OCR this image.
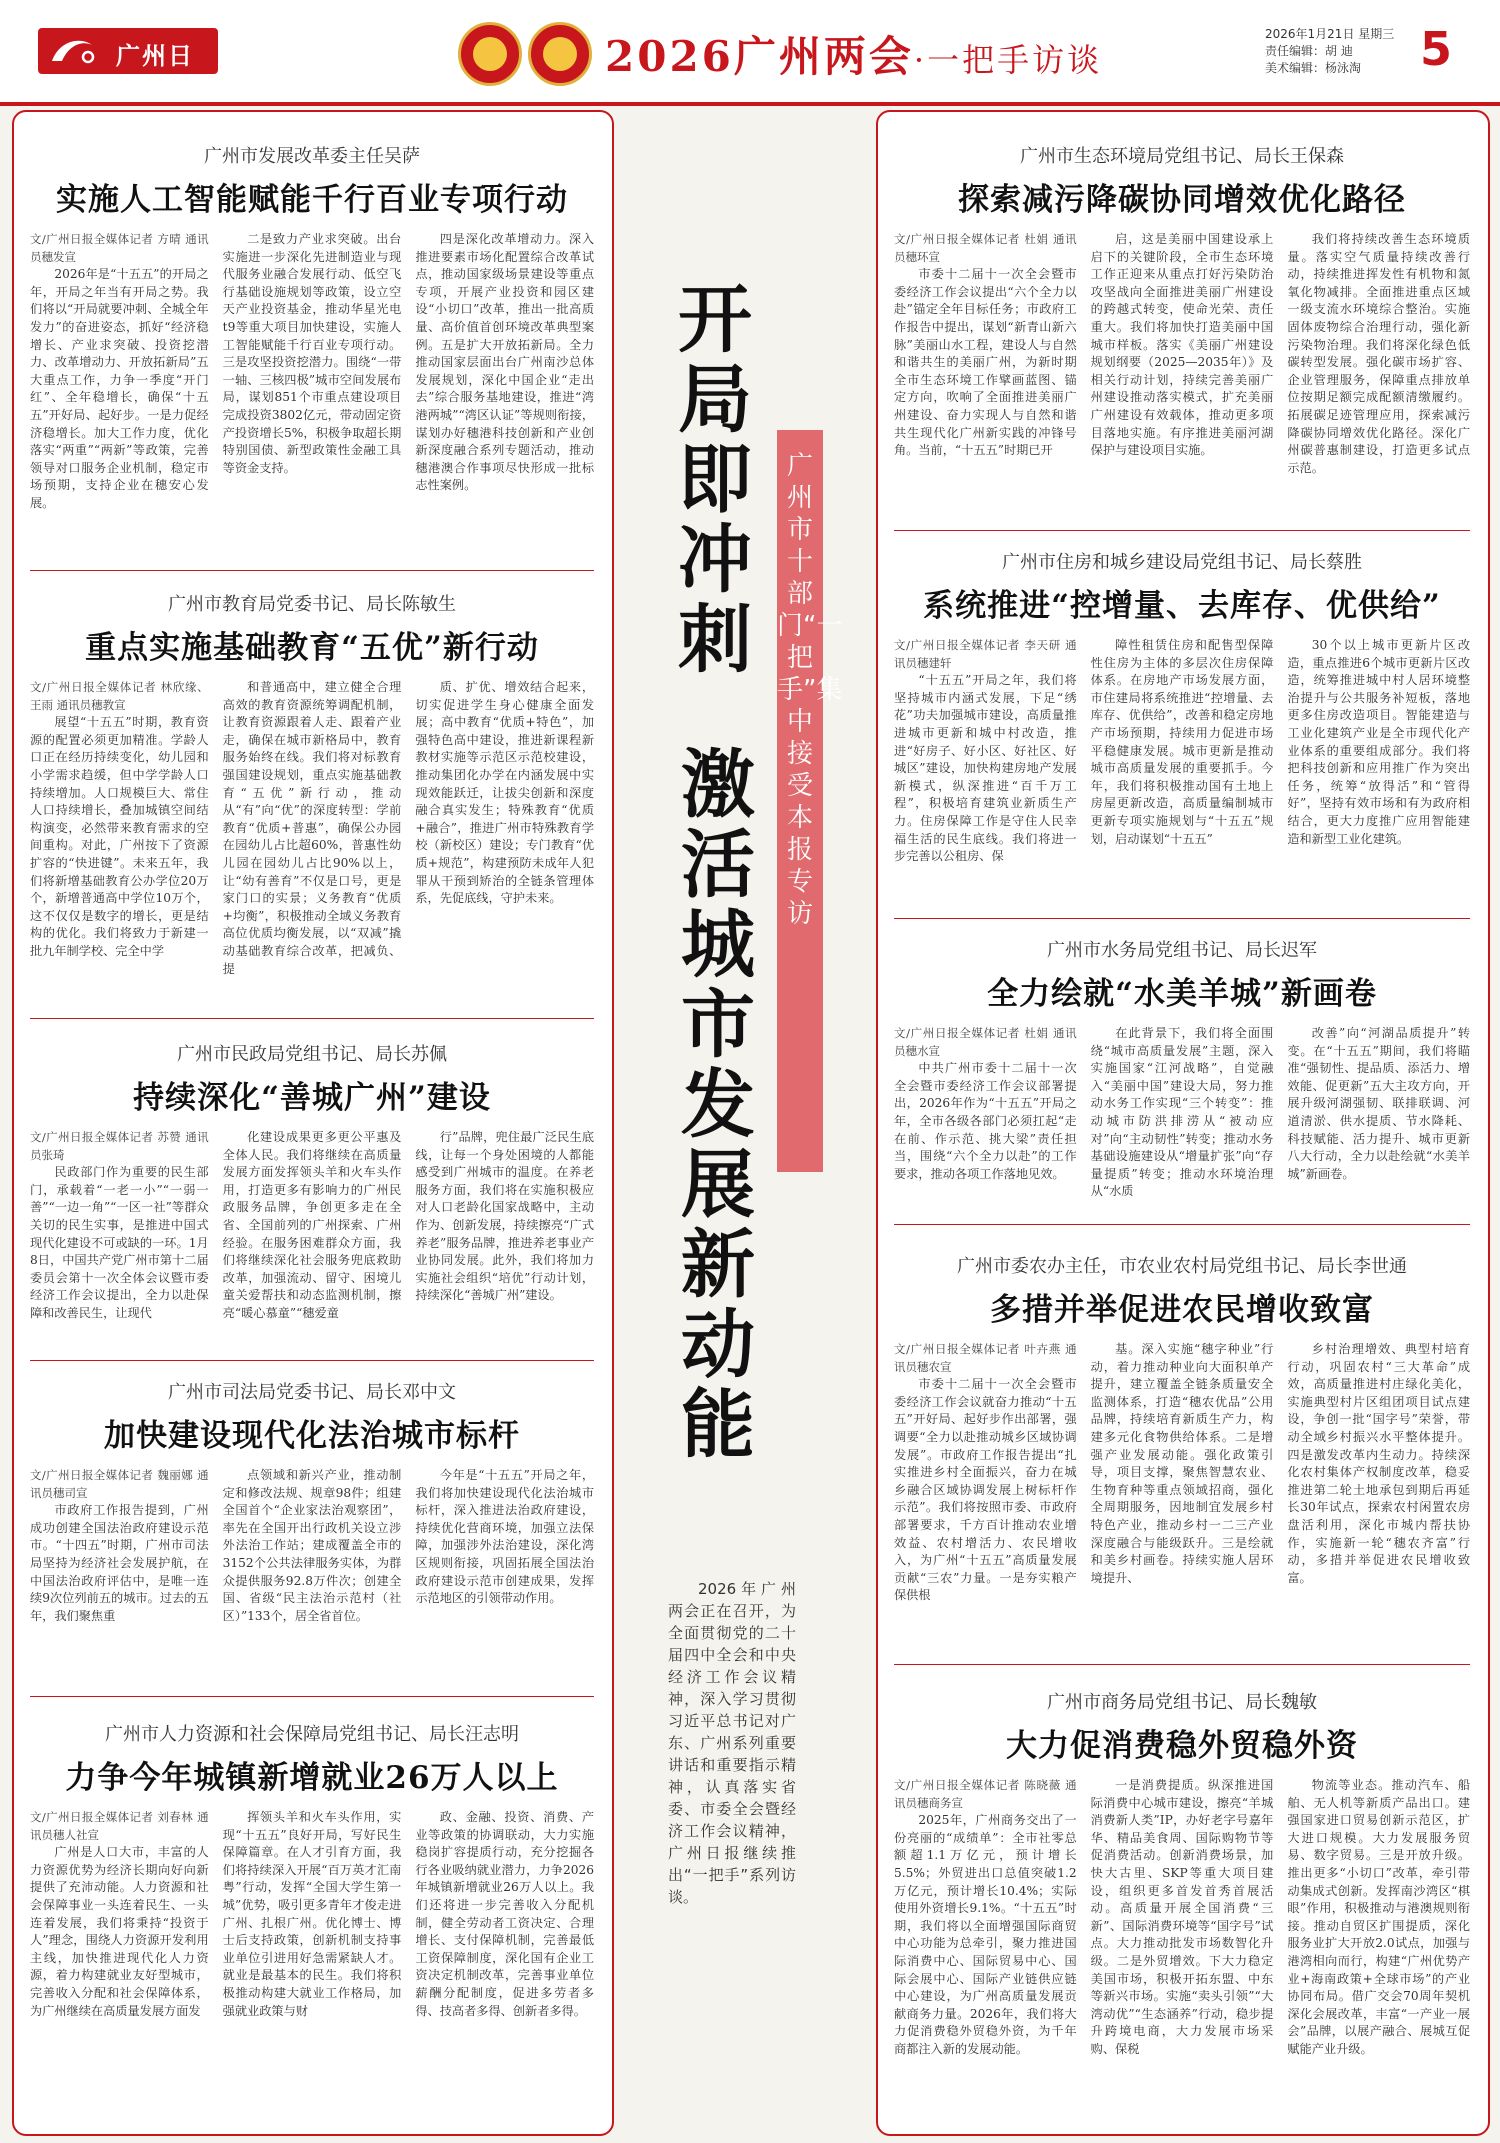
广州日报
2026广州两会·一把手访谈
2026年1月21日 星期三
责任编辑：胡 迪
美术编辑：杨泳淘	5
广州市发展改革委主任吴萨
实施人工智能赋能千行百业专项行动
文/广州日报全媒体记者 方晴 通讯员穗发宣

2026年是“十五五”的开局之年，开局之年当有开局之势。我们将以“开局就要冲刺、全城全年发力”的奋进姿态，抓好“经济稳增长、产业求突破、投资挖潜力、改革增动力、开放拓新局”五大重点工作，力争一季度“开门红”、全年稳增长，确保“十五五”开好局、起好步。一是力促经济稳增长。加大工作力度，优化落实“两重”“两新”等政策，完善领导对口服务企业机制，稳定市场预期，支持企业在穗安心发展。

二是致力产业求突破。出台实施进一步深化先进制造业与现代服务业融合发展行动、低空飞行基础设施规划等政策，设立空天产业投资基金，推动华星光电t9等重大项目加快建设，实施人工智能赋能千行百业专项行动。三是攻坚投资挖潜力。围绕“一带一轴、三核四极”城市空间发展布局，谋划851个市重点建设项目完成投资3802亿元，带动固定资产投资增长5%，积极争取超长期特别国债、新型政策性金融工具等资金支持。

四是深化改革增动力。深入推进要素市场化配置综合改革试点，推动国家级场景建设等重点专项，开展产业投资和园区建设“小切口”改革，推出一批高质量、高价值首创环境改革典型案例。五是扩大开放拓新局。全力推动国家层面出台广州南沙总体发展规划，深化中国企业“走出去”综合服务基地建设，推进“湾港两城”“湾区认证”等规则衔接，谋划办好穗港科技创新和产业创新深度融合系列专题活动，推动穗港澳合作事项尽快形成一批标志性案例。

广州市教育局党委书记、局长陈敏生
重点实施基础教育“五优”新行动
文/广州日报全媒体记者 林欣缘、王雨 通讯员穗教宣

展望“十五五”时期，教育资源的配置必须更加精准。学龄人口正在经历持续变化，幼儿园和小学需求趋缓，但中学学龄人口持续增加。人口规模巨大、常住人口持续增长，叠加城镇空间结构演变，必然带来教育需求的空间重构。对此，广州按下了资源扩容的“快进键”。未来五年，我们将新增基础教育公办学位20万个，新增普通高中学位10万个，这不仅仅是数字的增长，更是结构的优化。我们将致力于新建一批九年制学校、完全中学

和普通高中，建立健全合理高效的教育资源统筹调配机制，让教育资源跟着人走、跟着产业走，确保在城市新格局中，教育服务始终在线。我们将对标教育强国建设规划，重点实施基础教育“五优”新行动，推动从“有”向“优”的深度转型：学前教育“优质+普惠”，确保公办园在园幼儿占比超60%，普惠性幼儿园在园幼儿占比90%以上，让“幼有善育”不仅是口号，更是家门口的实景；义务教育“优质+均衡”，积极推动全域义务教育高位优质均衡发展，以“双减”撬动基础教育综合改革，把减负、提

质、扩优、增效结合起来，切实促进学生身心健康全面发展；高中教育“优质+特色”，加强特色高中建设，推进新课程新教材实施等示范区示范校建设，推动集团化办学在内涵发展中实现效能跃迁，让拔尖创新和深度融合真实发生；特殊教育“优质+融合”，推进广州市特殊教育学校（新校区）建设；专门教育“优质+规范”，构建预防未成年人犯罪从干预到矫治的全链条管理体系，先促底线，守护未来。

广州市民政局党组书记、局长苏佩
持续深化“善城广州”建设
文/广州日报全媒体记者 苏赞 通讯员张琦

民政部门作为重要的民生部门，承载着“一老一小”“一弱一善”“一边一角”“一区一社”等群众关切的民生实事，是推进中国式现代化建设不可或缺的一环。1月8日，中国共产党广州市第十二届委员会第十一次全体会议暨市委经济工作会议提出，全力以赴保障和改善民生，让现代

化建设成果更多更公平惠及全体人民。我们将继续在高质量发展方面发挥领头羊和火车头作用，打造更多有影响力的广州民政服务品牌，争创更多走在全省、全国前列的广州探索、广州经验。在服务困难群众方面，我们将继续深化社会服务兜底救助改革，加强流动、留守、困境儿童关爱帮扶和动态监测机制，擦亮“暖心慕童”“穗爱童

行”品牌，兜住最广泛民生底线，让每一个身处困境的人都能感受到广州城市的温度。在养老服务方面，我们将在实施积极应对人口老龄化国家战略中，主动作为、创新发展，持续擦亮“广式养老”服务品牌，推进养老事业产业协同发展。此外，我们将加力实施社会组织“培优”行动计划，持续深化“善城广州”建设。

广州市司法局党委书记、局长邓中文
加快建设现代化法治城市标杆
文/广州日报全媒体记者 魏丽娜 通讯员穗司宣

市政府工作报告提到，广州成功创建全国法治政府建设示范市。“十四五”时期，广州市司法局坚持为经济社会发展护航，在中国法治政府评估中，是唯一连续9次位列前五的城市。过去的五年，我们聚焦重

点领域和新兴产业，推动制定和修改法规、规章98件；组建全国首个“企业家法治观察团”，率先在全国开出行政机关设立涉外法治工作站；建成覆盖全市的3152个公共法律服务实体，为群众提供服务92.8万件次；创建全国、省级“民主法治示范村（社区）”133个，居全省首位。

今年是“十五五”开局之年，我们将加快建设现代化法治城市标杆，深入推进法治政府建设，持续优化营商环境，加强立法保障，加强涉外法治建设，深化湾区规则衔接，巩固拓展全国法治政府建设示范市创建成果，发挥示范地区的引领带动作用。

广州市人力资源和社会保障局党组书记、局长汪志明
力争今年城镇新增就业26万人以上
文/广州日报全媒体记者 刘春林 通讯员穗人社宣

广州是人口大市，丰富的人力资源优势为经济长期向好向新提供了充沛动能。人力资源和社会保障事业一头连着民生、一头连着发展，我们将秉持“投资于人”理念，围绕人力资源开发利用主线，加快推进现代化人力资源，着力构建就业友好型城市，完善收入分配和社会保障体系，为广州继续在高质量发展方面发

挥领头羊和火车头作用，实现“十五五”良好开局，写好民生保障篇章。在人才引育方面，我们将持续深入开展“百万英才汇南粤”行动，发挥“全国大学生第一城”优势，吸引更多青年才俊走进广州、扎根广州。优化博士、博士后支持政策，创新机制支持事业单位引进用好急需紧缺人才。就业是最基本的民生。我们将积极推动构建大就业工作格局，加强就业政策与财

政、金融、投资、消费、产业等政策的协调联动，大力实施稳岗扩容提质行动，充分挖掘各行各业吸纳就业潜力，力争2026年城镇新增就业26万人以上。我们还将进一步完善收入分配机制，健全劳动者工资决定、合理增长、支付保障机制，完善最低工资保障制度，深化国有企业工资决定机制改革，完善事业单位薪酬分配制度，促进多劳者多得、技高者多得、创新者多得。

开局即冲刺
激活城市发展新动能
广州市十部门“一把手”集中接受本报专访

2026年广州两会正在召开，为全面贯彻党的二十届四中全会和中央经济工作会议精神，深入学习贯彻习近平总书记对广东、广州系列重要讲话和重要指示精神，认真落实省委、市委全会暨经济工作会议精神，广州日报继续推出“一把手”系列访谈。

广州市生态环境局党组书记、局长王保森
探索减污降碳协同增效优化路径
文/广州日报全媒体记者 杜娟 通讯员穗环宣

市委十二届十一次全会暨市委经济工作会议提出“六个全力以赴”锚定全年目标任务；市政府工作报告中提出，谋划“新青山新六脉”美丽山水工程，建设人与自然和谐共生的美丽广州，为新时期全市生态环境工作擘画蓝图、锚定方向，吹响了全面推进美丽广州建设、奋力实现人与自然和谐共生现代化广州新实践的冲锋号角。当前，“十五五”时期已开

启，这是美丽中国建设承上启下的关键阶段，全市生态环境工作正迎来从重点打好污染防治攻坚战向全面推进美丽广州建设的跨越式转变，使命光荣、责任重大。我们将加快打造美丽中国城市样板。落实《美丽广州建设规划纲要（2025—2035年）》及相关行动计划，持续完善美丽广州建设推动落实模式，扩充美丽广州建设有效载体，推动更多项目落地实施。有序推进美丽河湖保护与建设项目实施。

我们将持续改善生态环境质量。落实空气质量持续改善行动，持续推进挥发性有机物和氮氧化物减排。全面推进重点区域一级支流水环境综合整治。实施固体废物综合治理行动，强化新污染物治理。我们将深化绿色低碳转型发展。强化碳市场扩容、企业管理服务，保障重点排放单位按期足额完成配额清缴履约。拓展碳足迹管理应用，探索减污降碳协同增效优化路径。深化广州碳普惠制建设，打造更多试点示范。

广州市住房和城乡建设局党组书记、局长蔡胜
系统推进“控增量、去库存、优供给”
文/广州日报全媒体记者 李天研 通讯员穗建轩

“十五五”开局之年，我们将坚持城市内涵式发展，下足“绣花”功夫加强城市建设，高质量推进城市更新和城中村改造，推进“好房子、好小区、好社区、好城区”建设，加快构建房地产发展新模式，纵深推进“百千万工程”，积极培育建筑业新质生产力。住房保障工作是守住人民幸福生活的民生底线。我们将进一步完善以公租房、保

障性租赁住房和配售型保障性住房为主体的多层次住房保障体系。在房地产市场发展方面，市住建局将系统推进“控增量、去库存、优供给”，改善和稳定房地产市场预期，持续用力促进市场平稳健康发展。城市更新是推动城市高质量发展的重要抓手。今年，我们将积极推动国有土地上房屋更新改造，高质量编制城市更新专项实施规划与“十五五”规划，启动谋划“十五五”

30个以上城市更新片区改造，重点推进6个城市更新片区改造，统筹推进城中村人居环境整治提升与公共服务补短板，落地更多住房改造项目。智能建造与工业化建筑产业是全市现代化产业体系的重要组成部分。我们将把科技创新和应用推广作为突出任务，统筹“放得活”和“管得好”，坚持有效市场和有为政府相结合，更大力度推广应用智能建造和新型工业化建筑。

广州市水务局党组书记、局长迟军
全力绘就“水美羊城”新画卷
文/广州日报全媒体记者 杜娟 通讯员穗水宣

中共广州市委十二届十一次全会暨市委经济工作会议部署提出，2026年作为“十五五”开局之年，全市各级各部门必须扛起“走在前、作示范、挑大梁”责任担当，围绕“六个全力以赴”的工作要求，推动各项工作落地见效。

在此背景下，我们将全面围绕“城市高质量发展”主题，深入实施国家“江河战略”，自觉融入“美丽中国”建设大局，努力推动水务工作实现“三个转变”：推动城市防洪排涝从“被动应对”向“主动韧性”转变；推动水务基础设施建设从“增量扩张”向“存量提质”转变；推动水环境治理从“水质

改善”向“河湖品质提升”转变。在“十五五”期间，我们将瞄准“强韧性、提品质、添活力、增效能、促更新”五大主攻方向，开展升级河湖强韧、联排联调、河道清淤、供水提质、节水降耗、科技赋能、活力提升、城市更新八大行动，全力以赴绘就“水美羊城”新画卷。

广州市委农办主任，市农业农村局党组书记、局长李世通
多措并举促进农民增收致富
文/广州日报全媒体记者 叶卉燕 通讯员穗农宣

市委十二届十一次全会暨市委经济工作会议就奋力推动“十五五”开好局、起好步作出部署，强调要“全力以赴推动城乡区域协调发展”。市政府工作报告提出“扎实推进乡村全面振兴，奋力在城乡融合区域协调发展上树标杆作示范”。我们将按照市委、市政府部署要求，千方百计推动农业增效益、农村增活力、农民增收入，为广州“十五五”高质量发展贡献“三农”力量。一是夯实粮产保供根

基。深入实施“穗字种业”行动，着力推动种业向大面积单产提升，建立覆盖全链条质量安全监测体系，打造“穗农优品”公用品牌，持续培育新质生产力，构建多元化食物供给体系。二是增强产业发展动能。强化政策引导，项目支撑，聚焦智慧农业、生物育种等重点领域招商，强化全周期服务，因地制宜发展乡村特色产业，推动乡村一二三产业深度融合与能级跃升。三是绘就和美乡村画卷。持续实施人居环境提升、

乡村治理增效、典型村培育行动，巩固农村“三大革命”成效，高质量推进村庄绿化美化，实施典型村片区组团项目试点建设，争创一批“国字号”荣誉，带动全域乡村振兴水平整体提升。四是激发改革内生动力。持续深化农村集体产权制度改革，稳妥推进第二轮土地承包到期后再延长30年试点，探索农村闲置农房盘活利用，深化市城内帮扶协作，实施新一轮“穗农齐富”行动，多措并举促进农民增收致富。

广州市商务局党组书记、局长魏敏
大力促消费稳外贸稳外资
文/广州日报全媒体记者 陈晓薇 通讯员穗商务宣

2025年，广州商务交出了一份亮丽的“成绩单”：全市社零总额超1.1万亿元，预计增长5.5%；外贸进出口总值突破1.2万亿元，预计增长10.4%；实际使用外资增长9.1%。“十五五”时期，我们将以全面增强国际商贸中心功能为总牵引，聚力推进国际消费中心、国际贸易中心、国际会展中心、国际产业链供应链中心建设，为广州高质量发展贡献商务力量。2026年，我们将大力促消费稳外贸稳外资，为千年商都注入新的发展动能。

一是消费提质。纵深推进国际消费中心城市建设，擦亮“羊城消费新人类”IP，办好老字号嘉年华、精品美食周、国际购物节等促消费活动。创新消费场景，加快大古里、SKP等重大项目建设，组织更多首发首秀首展活动。高质量开展全国消费“三新”、国际消费环境等“国字号”试点。大力推动批发市场数智化升级。二是外贸增效。下大力稳定美国市场，积极开拓东盟、中东等新兴市场。实施“卖头引领”“大湾动优”“生态涵养”行动，稳步提升跨境电商，大力发展市场采购、保税

物流等业态。推动汽车、船舶、无人机等新质产品出口。建强国家进口贸易创新示范区，扩大进口规模。大力发展服务贸易、数字贸易。三是开放升级。推出更多“小切口”改革，牵引带动集成式创新。发挥南沙湾区“棋眼”作用，积极推动与港澳规则衔接。推动自贸区扩围提质，深化服务业扩大开放2.0试点，加强与港湾相向而行，构建“广州优势产业+海南政策+全球市场”的产业协同布局。借广交会70周年契机深化会展改革，丰富“一产业一展会”品牌，以展产融合、展城互促赋能产业升级。
